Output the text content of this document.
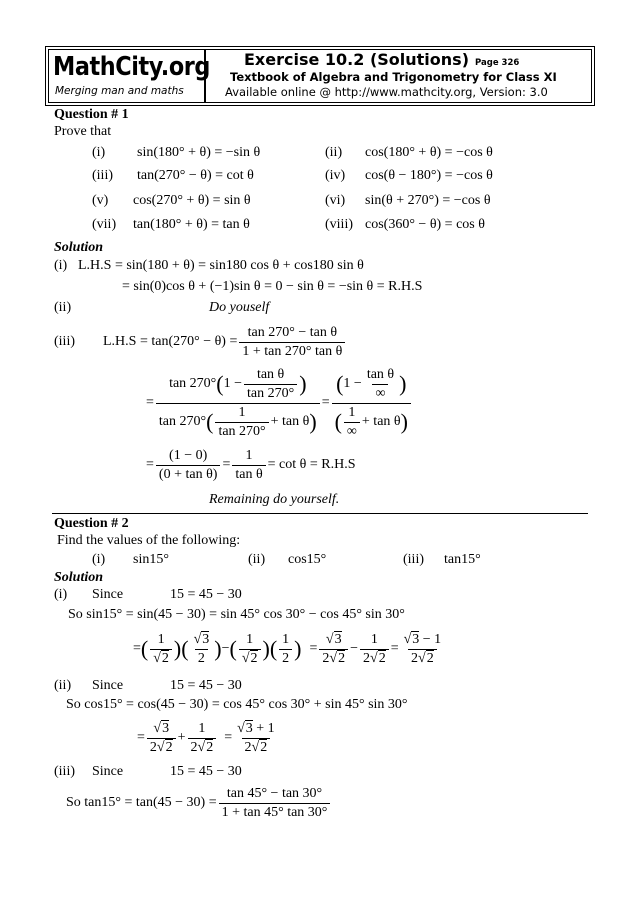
MathCity.org
Merging man and maths
Exercise 10.2 (Solutions) Page 326
Textbook of Algebra and Trigonometry for Class XI
Available online @ http://www.mathcity.org, Version: 3.0
Question # 1
Prove that
(i) sin(180° + θ) = −sin θ	(ii) cos(180° + θ) = −cos θ
(iii) tan(270° − θ) = cot θ	(iv) cos(θ − 180°) = −cos θ
(v) cos(270° + θ) = sin θ	(vi) sin(θ + 270°) = −cos θ
(vii) tan(180° + θ) = tan θ	(viii) cos(360° − θ) = cos θ
Solution
(i) L.H.S = sin(180 + θ) = sin180 cos θ + cos180 sin θ
= sin(0)cos θ + (−1)sin θ = 0 − sin θ = −sin θ = R.H.S
(ii)	Do youself
(iii) $L.H.S = \tan(270^\circ - \theta) = \frac{\text{tan 270° − tan θ}}{\text{1 + tan 270° tan θ}}$
=
tan 270° ( $1 - \frac{\text{tan θ}}{\tan 270^\circ}$ )
tan 270° ( $\frac{1}{\tan 270^\circ} + \tan \theta$ )
= $\frac{( 1 - \frac{\text{tan θ}}{\infty} )}{( \frac{1}{\infty} + \tan \theta )}$
= $\frac{(1 - 0)}{\text{(0 + tan θ)}} = \frac{1}{\text{tan θ}} = \cot \theta = R.H.S$
Remaining do yourself.
Question # 2
Find the values of the following:
(i) sin15°	(ii) cos15°	(iii) tan15°
Solution
(i) Since	15 = 45 − 30
So sin15° = sin(45 − 30) = sin 45° cos 30° − cos 45° sin 30°
= ( $\frac{1}{√2}$ )( $\frac{√3}{2}$ ) − ( $\frac{1}{√2}$ )( $\frac{1}{2}$ ) = $\frac{√3}{2√2} - \frac{1}{2√2} = \frac{√3 - 1}{2√2}$
(ii) Since	15 = 45 − 30
So cos15° = cos(45 − 30) = cos 45° cos 30° + sin 45° sin 30°
= $\frac{√3}{2√2} + \frac{1}{2√2} = \frac{√3 + 1}{2√2}$
(iii) Since	15 = 45 − 30
So $\tan 15^\circ = \tan(45 - 30) = \frac{\tan 45^\circ - \tan 30^\circ}{1 + \tan 45^\circ \tan 30^\circ}$
